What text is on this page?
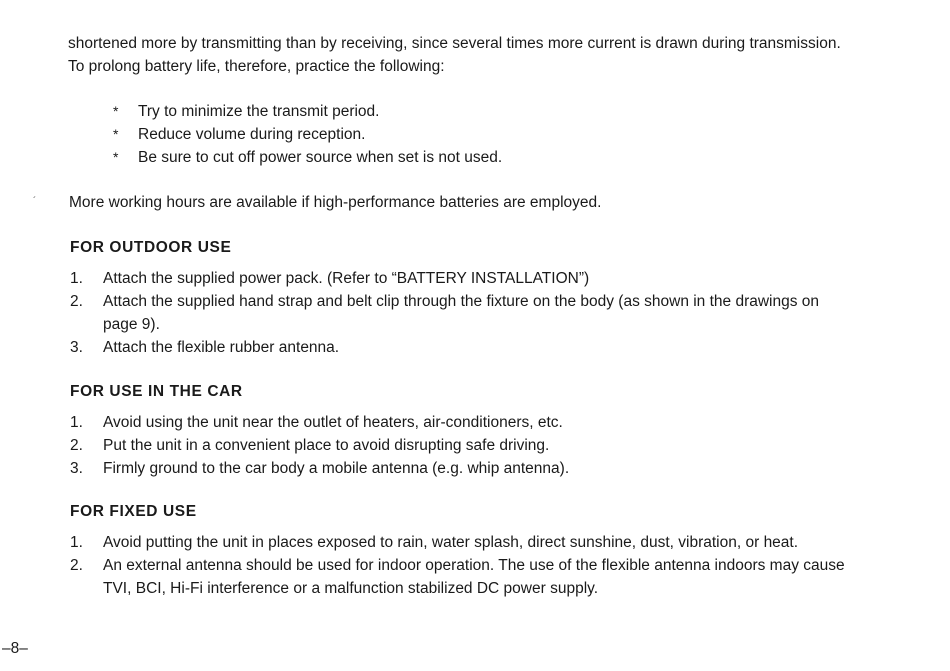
shortened more by transmitting than by receiving, since several times more current is drawn during transmission. To prolong battery life, therefore, practice the following:
*	Try to minimize the transmit period.
*	Reduce volume during reception.
*	Be sure to cut off power source when set is not used.
´ More working hours are available if high-performance batteries are employed.
FOR OUTDOOR USE
1.	Attach the supplied power pack. (Refer to “BATTERY INSTALLATION”)
2.	Attach the supplied hand strap and belt clip through the fixture on the body (as shown in the drawings on page 9).
3.	Attach the flexible rubber antenna.
FOR USE IN THE CAR
1.	Avoid using the unit near the outlet of heaters, air-conditioners, etc.
2.	Put the unit in a convenient place to avoid disrupting safe driving.
3.	Firmly ground to the car body a mobile antenna (e.g. whip antenna).
FOR FIXED USE
1.	Avoid putting the unit in places exposed to rain, water splash, direct sunshine, dust, vibration, or heat.
2.	An external antenna should be used for indoor operation. The use of the flexible antenna indoors may cause TVI, BCI, Hi-Fi interference or a malfunction stabilized DC power supply.
–8–
